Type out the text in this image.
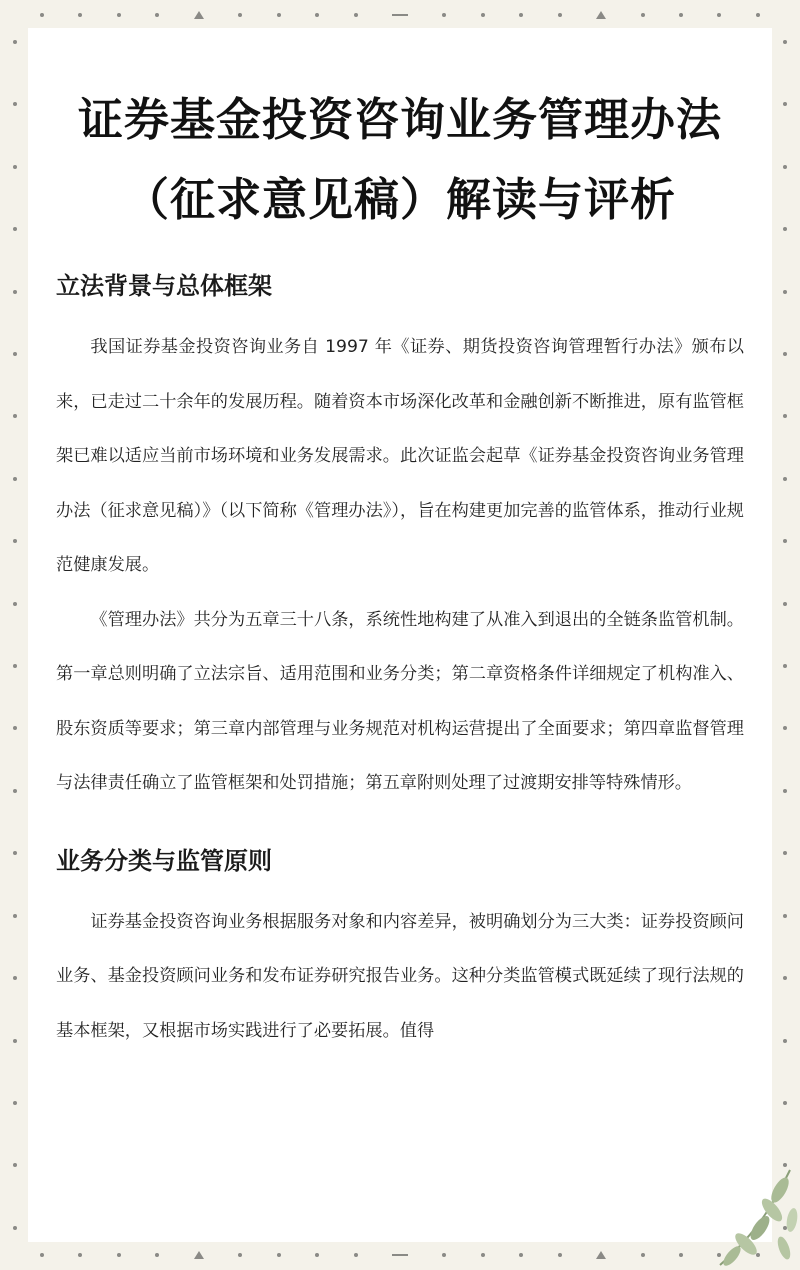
证券基金投资咨询业务管理办法（征求意见稿）解读与评析
立法背景与总体框架

我国证券基金投资咨询业务自 1997 年《证券、期货投资咨询管理暂行办法》颁布以来，已走过二十余年的发展历程。随着资本市场深化改革和金融创新不断推进，原有监管框架已难以适应当前市场环境和业务发展需求。此次证监会起草《证券基金投资咨询业务管理办法（征求意见稿）》（以下简称《管理办法》），旨在构建更加完善的监管体系，推动行业规范健康发展。

《管理办法》共分为五章三十八条，系统性地构建了从准入到退出的全链条监管机制。第一章总则明确了立法宗旨、适用范围和业务分类；第二章资格条件详细规定了机构准入、股东资质等要求；第三章内部管理与业务规范对机构运营提出了全面要求；第四章监督管理与法律责任确立了监管框架和处罚措施；第五章附则处理了过渡期安排等特殊情形。

业务分类与监管原则

证券基金投资咨询业务根据服务对象和内容差异，被明确划分为三大类：证券投资顾问业务、基金投资顾问业务和发布证券研究报告业务。这种分类监管模式既延续了现行法规的基本框架，又根据市场实践进行了必要拓展。值得
